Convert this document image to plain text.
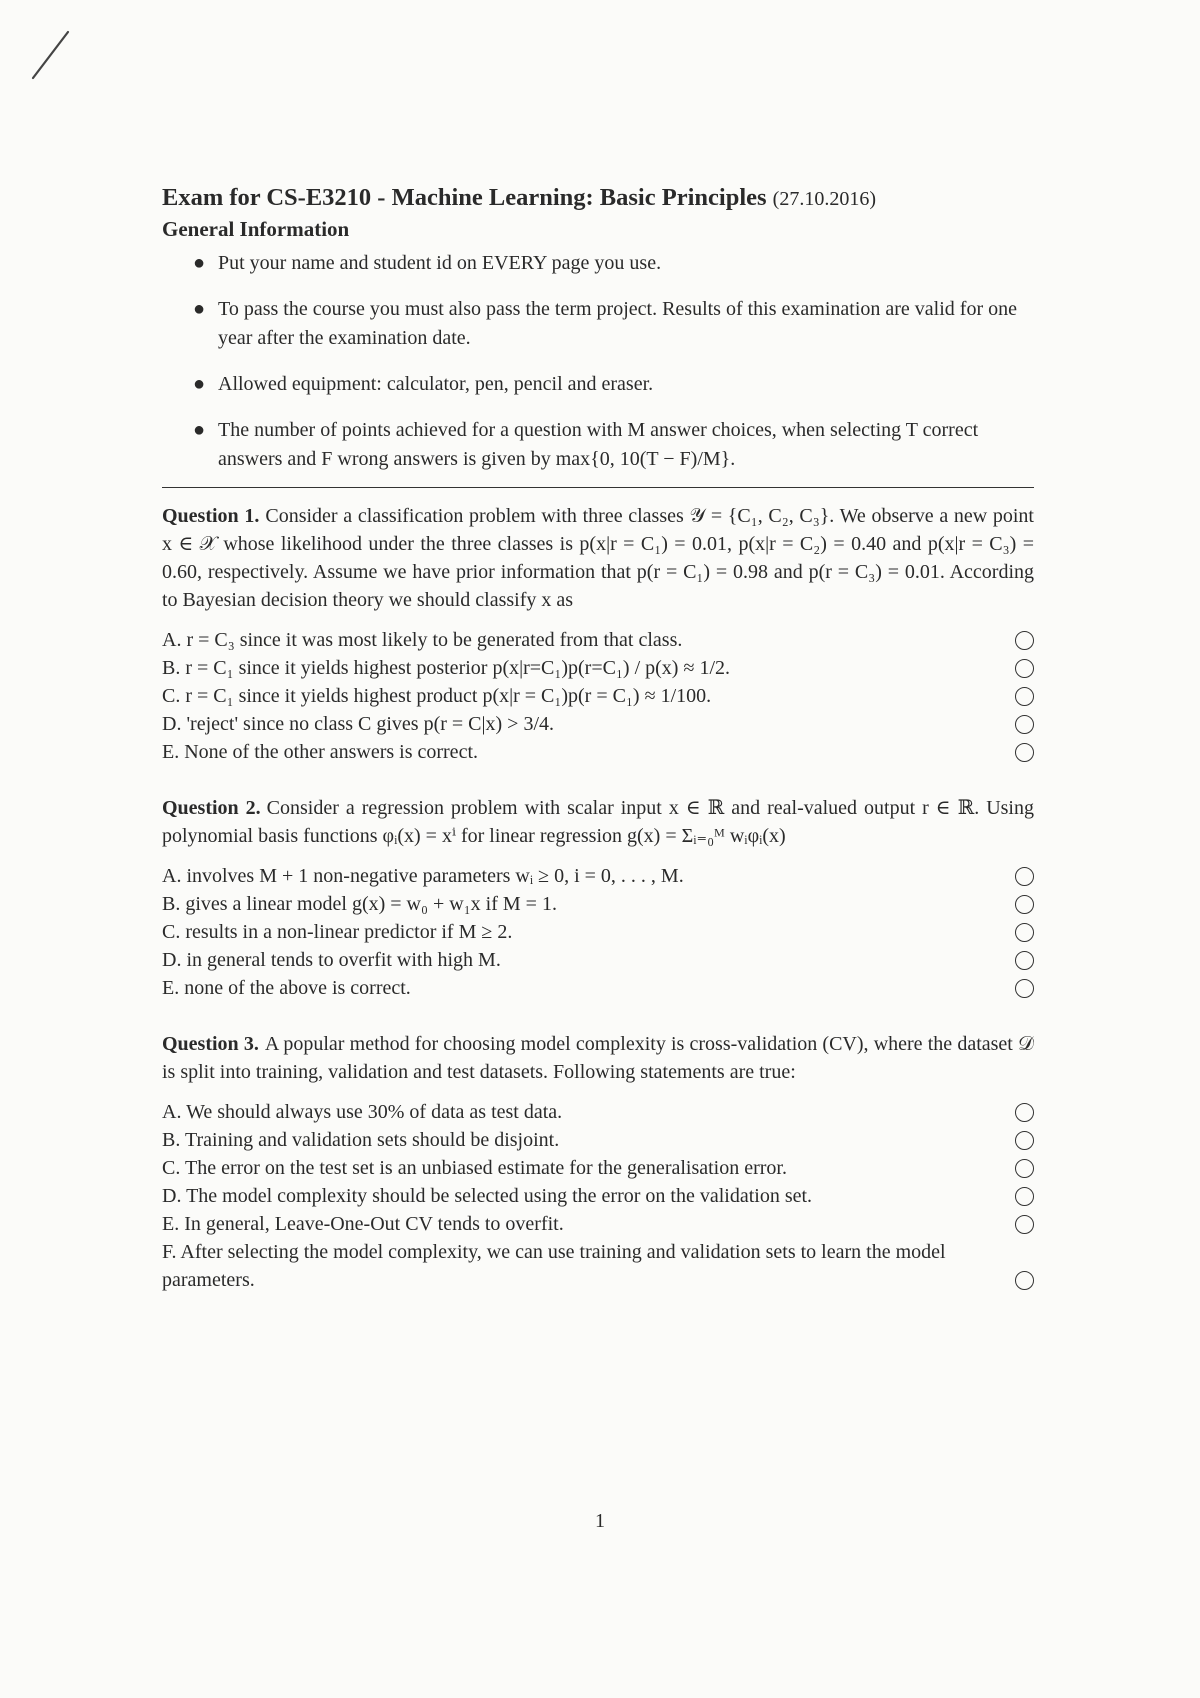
Exam for CS-E3210 - Machine Learning: Basic Principles (27.10.2016)
General Information
● Put your name and student id on EVERY page you use.
● To pass the course you must also pass the term project. Results of this examination are valid for one year after the examination date.
● Allowed equipment: calculator, pen, pencil and eraser.
● The number of points achieved for a question with M answer choices, when selecting T correct answers and F wrong answers is given by max{0, 10(T − F)/M}.
Question 1. Consider a classification problem with three classes 𝒴 = {C₁, C₂, C₃}. We observe a new point x ∈ 𝒳 whose likelihood under the three classes is p(x|r = C₁) = 0.01, p(x|r = C₂) = 0.40 and p(x|r = C₃) = 0.60, respectively. Assume we have prior information that p(r = C₁) = 0.98 and p(r = C₃) = 0.01. According to Bayesian decision theory we should classify x as
A. r = C₃ since it was most likely to be generated from that class.
B. r = C₁ since it yields highest posterior p(x|r=C₁)p(r=C₁) / p(x) ≈ 1/2.
C. r = C₁ since it yields highest product p(x|r = C₁)p(r = C₁) ≈ 1/100.
D. 'reject' since no class C gives p(r = C|x) > 3/4.
E. None of the other answers is correct.
Question 2. Consider a regression problem with scalar input x ∈ ℝ and real-valued output r ∈ ℝ. Using polynomial basis functions φᵢ(x) = xⁱ for linear regression g(x) = Σᵢ₌₀ᴹ wᵢφᵢ(x)
A. involves M + 1 non-negative parameters wᵢ ≥ 0, i = 0, . . . , M.
B. gives a linear model g(x) = w₀ + w₁x if M = 1.
C. results in a non-linear predictor if M ≥ 2.
D. in general tends to overfit with high M.
E. none of the above is correct.
Question 3. A popular method for choosing model complexity is cross-validation (CV), where the dataset 𝒟 is split into training, validation and test datasets. Following statements are true:
A. We should always use 30% of data as test data.
B. Training and validation sets should be disjoint.
C. The error on the test set is an unbiased estimate for the generalisation error.
D. The model complexity should be selected using the error on the validation set.
E. In general, Leave-One-Out CV tends to overfit.
F. After selecting the model complexity, we can use training and validation sets to learn the model parameters.
1
